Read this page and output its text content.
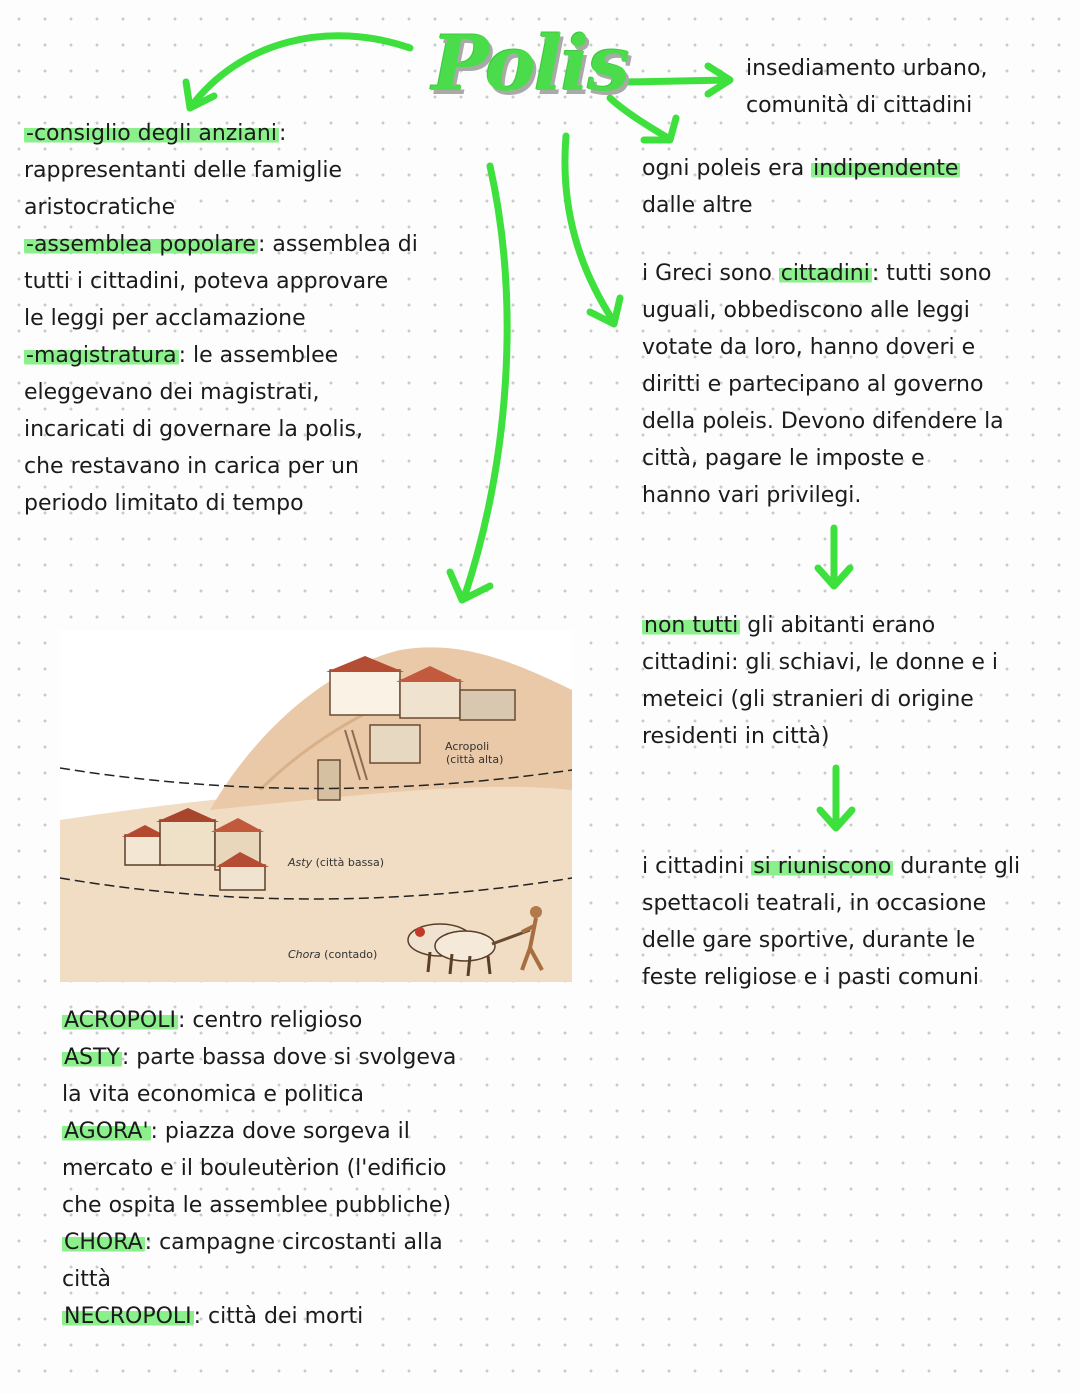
Polis	insediamento urbano,
comunità di cittadini
-consiglio degli anziani:
rappresentanti delle famiglie
aristocratiche
-assemblea popolare: assemblea di
tutti i cittadini, poteva approvare
le leggi per acclamazione
-magistratura: le assemblee
eleggevano dei magistrati,
incaricati di governare la polis,
che restavano in carica per un
periodo limitato di tempo
ogni poleis era indipendente
dalle altre
i Greci sono cittadini: tutti sono
uguali, obbediscono alle leggi
votate da loro, hanno doveri e
diritti e partecipano al governo
della poleis. Devono difendere la
città, pagare le imposte e
hanno vari privilegi.
non tutti gli abitanti erano
cittadini: gli schiavi, le donne e i
meteici (gli stranieri di origine
residenti in città)
i cittadini si riuniscono durante gli
spettacoli teatrali, in occasione
delle gare sportive, durante le
feste religiose e i pasti comuni
Acropoli
(città alta)
Asty (città bassa)
Chora (contado)
ACROPOLI: centro religioso
ASTY: parte bassa dove si svolgeva
la vita economica e politica
AGORA': piazza dove sorgeva il
mercato e il bouleutèrion (l'edificio
che ospita le assemblee pubbliche)
CHORA: campagne circostanti alla
città
NECROPOLI: città dei morti
